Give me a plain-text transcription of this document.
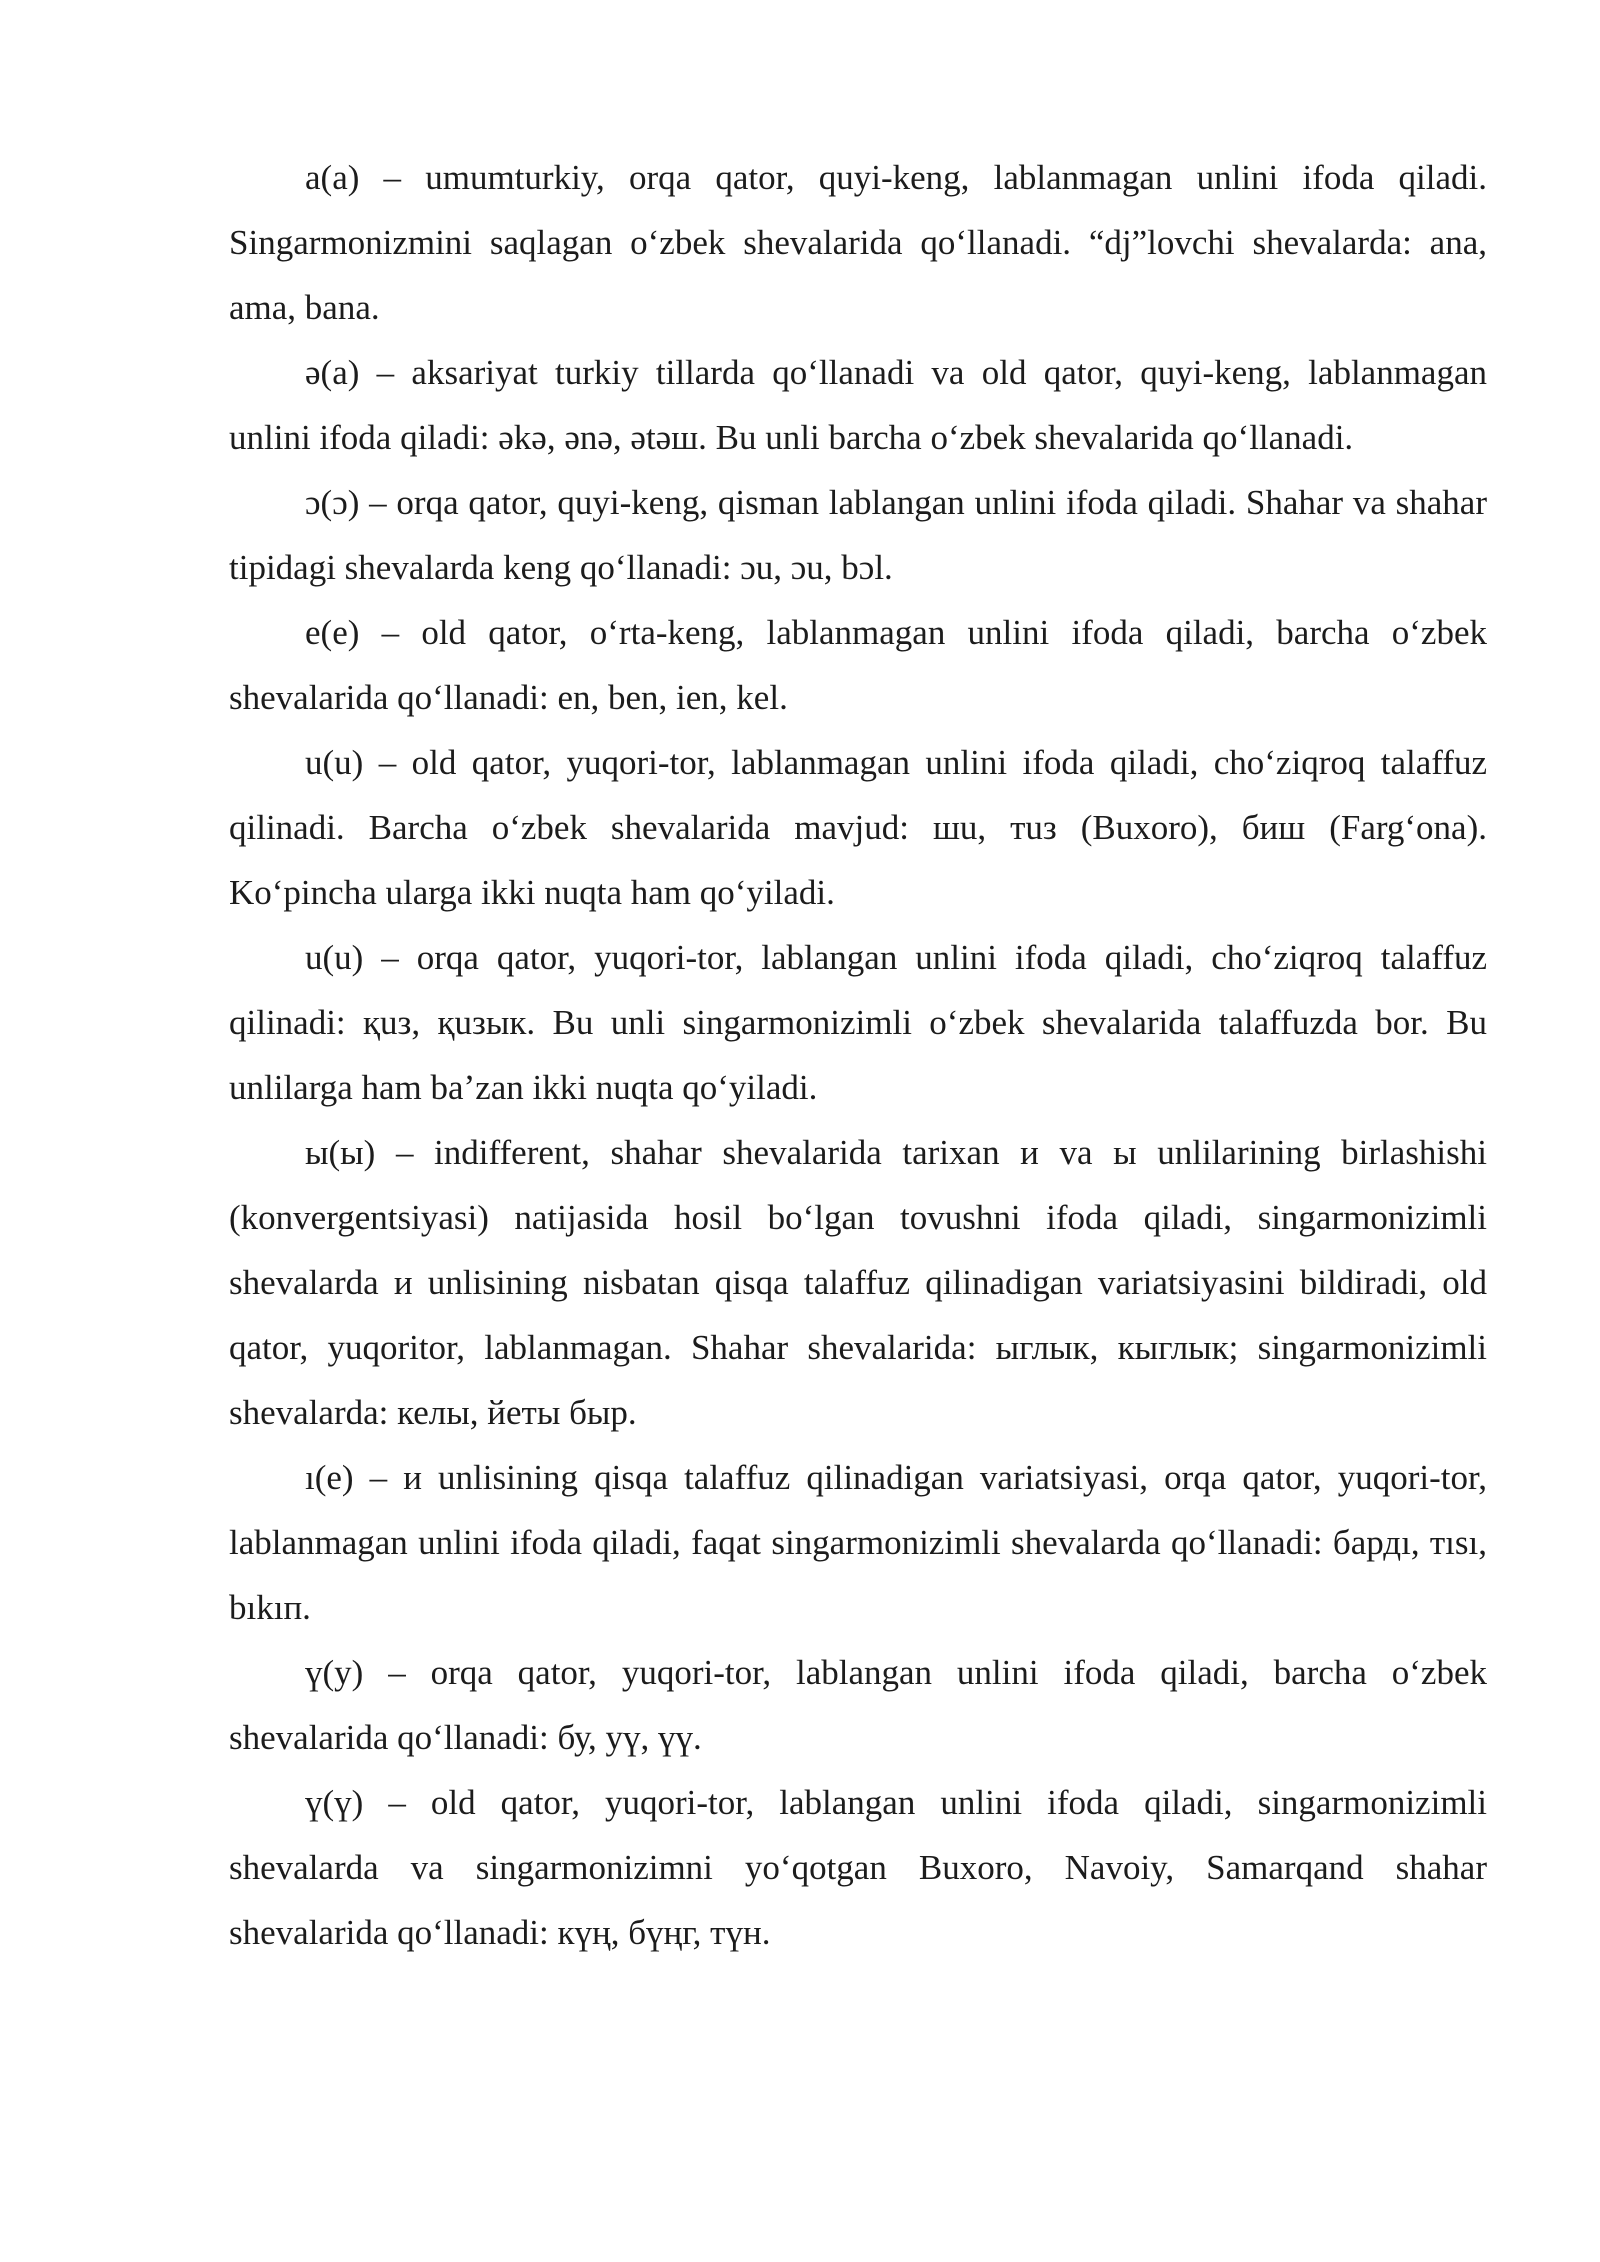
a(a) – umumturkiy, orqa qator, quyi-keng, lablanmagan unlini ifoda qiladi. Singarmonizmini saqlagan oʻzbek shevalarida qoʻllanadi. “dj”lovchi shevalarda: ana, ama, bana.

ə(a) – aksariyat turkiy tillarda qoʻllanadi va old qator, quyi-keng, lablanmagan unlini ifoda qiladi: əkə, ənə, ətəш. Bu unli barcha oʻzbek shevalarida qoʻllanadi.

ɔ(ɔ) – orqa qator, quyi-keng, qisman lablangan unlini ifoda qiladi. Shahar va shahar tipidagi shevalarda keng qoʻllanadi: ɔu, ɔu, bɔl.

e(e) – old qator, oʻrta-keng, lablanmagan unlini ifoda qiladi, barcha oʻzbek shevalarida qoʻllanadi: en, ben, ien, kel.

u(u) – old qator, yuqori-tor, lablanmagan unlini ifoda qiladi, choʻziqroq talaffuz qilinadi. Barcha oʻzbek shevalarida mavjud: шu, тuз (Buxoro), биш (Fargʻona). Koʻpincha ularga ikki nuqta ham qoʻyiladi.

u(u) – orqa qator, yuqori-tor, lablangan unlini ifoda qiladi, choʻziqroq talaffuz qilinadi: қuз, қuзык. Bu unli singarmonizimli oʻzbek shevalarida talaffuzda bor. Bu unlilarga ham baʼzan ikki nuqta qoʻyiladi.

ы(ы) – indifferent, shahar shevalarida tarixan и va ы unlilarining birlashishi (konvergentsiyasi) natijasida hosil boʻlgan tovushni ifoda qiladi, singarmonizimli shevalarda и unlisining nisbatan qisqa talaffuz qilinadigan variatsiyasini bildiradi, old qator, yuqoritor, lablanmagan. Shahar shevalarida: ыглык, кыглык; singarmonizimli shevalarda: келы, йеты быр.

ı(e) – и unlisining qisqa talaffuz qilinadigan variatsiyasi, orqa qator, yuqori-tor, lablanmagan unlini ifoda qiladi, faqat singarmonizimli shevalarda qoʻllanadi: бардı, тısı, bıkıп.

ү(у) – orqa qator, yuqori-tor, lablangan unlini ifoda qiladi, barcha oʻzbek shevalarida qoʻllanadi: бу, уү, үү.

ү(ү) – old qator, yuqori-tor, lablangan unlini ifoda qiladi, singarmonizimli shevalarda va singarmonizimni yoʻqotgan Buxoro, Navoiy, Samarqand shahar shevalarida qoʻllanadi: күң, бүңг, түн.
